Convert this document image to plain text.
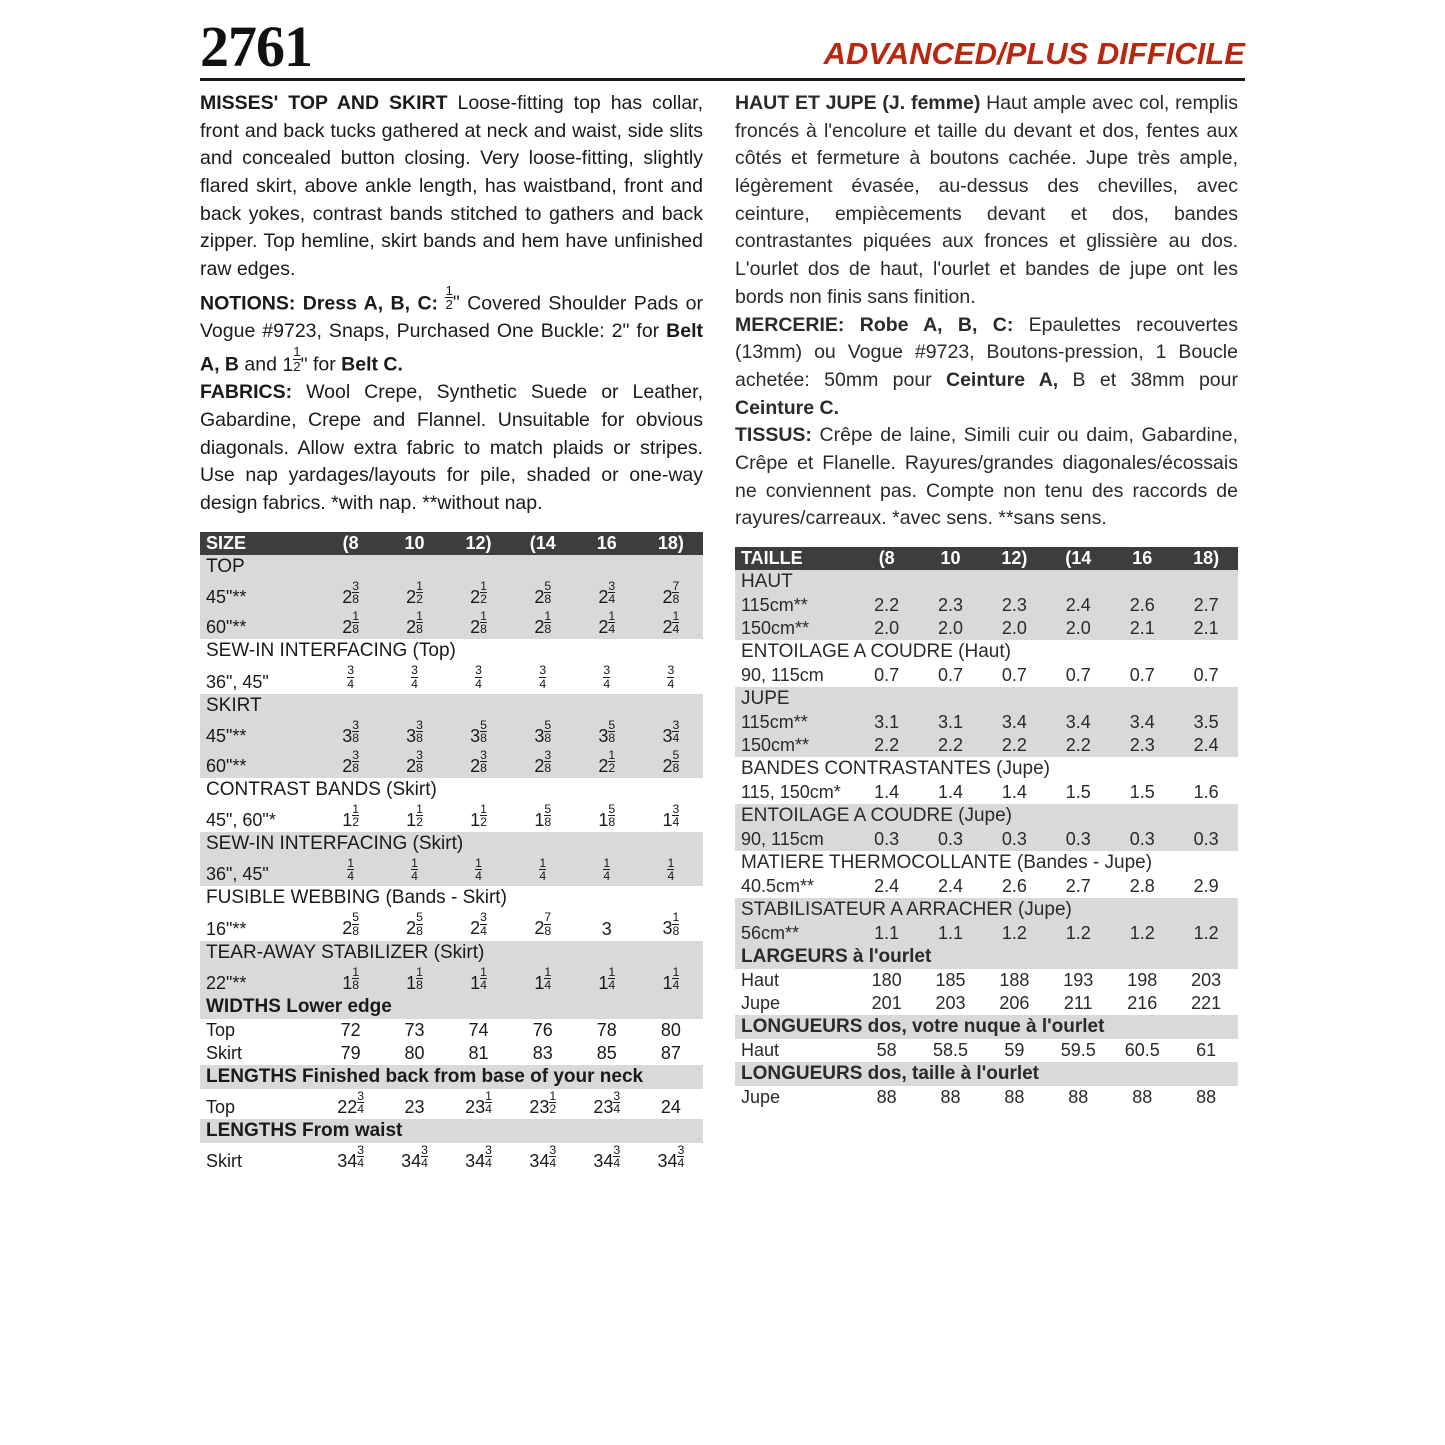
2761	ADVANCED/PLUS DIFFICILE

MISSES' TOP AND SKIRT Loose-fitting top has collar, front and back tucks gathered at neck and waist, side slits and concealed button closing. Very loose-fitting, slightly flared skirt, above ankle length, has waistband, front and back yokes, contrast bands stitched to gathers and back zipper. Top hemline, skirt bands and hem have unfinished raw edges.

NOTIONS: Dress A, B, C: $\frac{1}{2}$ " Covered Shoulder Pads or Vogue #9723, Snaps, Purchased One Buckle: 2" for Belt A, B and $1 \frac{1}{2}$ " for Belt C.

FABRICS: Wool Crepe, Synthetic Suede or Leather, Gabardine, Crepe and Flannel. Unsuitable for obvious diagonals. Allow extra fabric to match plaids or stripes. Use nap yardages/layouts for pile, shaded or one-way design fabrics. *with nap. **without nap.

SIZE	(8	10	12)	(14	16	18)
TOP						
45"**	$2 \frac{3}{8}$	$2 \frac{1}{2}$	$2 \frac{1}{2}$	$2 \frac{5}{8}$	$2 \frac{3}{4}$	$2 \frac{7}{8}$

60"**	$2 \frac{1}{8}$	$2 \frac{1}{8}$	$2 \frac{1}{8}$	$2 \frac{1}{8}$	$2 \frac{1}{4}$	$2 \frac{1}{4}$

SEW-IN INTERFACING (Top)						
36", 45"	$\frac{3}{4}$	$\frac{3}{4}$	$\frac{3}{4}$	$\frac{3}{4}$	$\frac{3}{4}$	$\frac{3}{4}$

SKIRT						
45"**	$3 \frac{3}{8}$	$3 \frac{3}{8}$	$3 \frac{5}{8}$	$3 \frac{5}{8}$	$3 \frac{5}{8}$	$3 \frac{3}{4}$

60"**	$2 \frac{3}{8}$	$2 \frac{3}{8}$	$2 \frac{3}{8}$	$2 \frac{3}{8}$	$2 \frac{1}{2}$	$2 \frac{5}{8}$

CONTRAST BANDS (Skirt)						
45", 60"*	$1 \frac{1}{2}$	$1 \frac{1}{2}$	$1 \frac{1}{2}$	$1 \frac{5}{8}$	$1 \frac{5}{8}$	$1 \frac{3}{4}$

SEW-IN INTERFACING (Skirt)						
36", 45"	$\frac{1}{4}$	$\frac{1}{4}$	$\frac{1}{4}$	$\frac{1}{4}$	$\frac{1}{4}$	$\frac{1}{4}$

FUSIBLE WEBBING (Bands - Skirt)						
16"**	$2 \frac{5}{8}$	$2 \frac{5}{8}$	$2 \frac{3}{4}$	$2 \frac{7}{8}$	3	$3 \frac{1}{8}$

TEAR-AWAY STABILIZER (Skirt)						
22"**	$1 \frac{1}{8}$	$1 \frac{1}{8}$	$1 \frac{1}{4}$	$1 \frac{1}{4}$	$1 \frac{1}{4}$	$1 \frac{1}{4}$

WIDTHS Lower edge						
Top	72	73	74	76	78	80
Skirt	79	80	81	83	85	87
LENGTHS Finished back from base of your neck						
Top	$22 \frac{3}{4}$	23	$23 \frac{1}{4}$	$23 \frac{1}{2}$	$23 \frac{3}{4}$	24
LENGTHS From waist						
Skirt	$34 \frac{3}{4}$	$34 \frac{3}{4}$	$34 \frac{3}{4}$	$34 \frac{3}{4}$	$34 \frac{3}{4}$	$34 \frac{3}{4}$

HAUT ET JUPE (J. femme) Haut ample avec col, remplis froncés à l'encolure et taille du devant et dos, fentes aux côtés et fermeture à boutons cachée. Jupe très ample, légèrement évasée, au-dessus des chevilles, avec ceinture, empiècements devant et dos, bandes contrastantes piquées aux fronces et glissière au dos. L'ourlet dos de haut, l'ourlet et bandes de jupe ont les bords non finis sans finition.

MERCERIE: Robe A, B, C: Epaulettes recouvertes (13mm) ou Vogue #9723, Boutons-pression, 1 Boucle achetée: 50mm pour Ceinture A, B et 38mm pour Ceinture C.

TISSUS: Crêpe de laine, Simili cuir ou daim, Gabardine, Crêpe et Flanelle. Rayures/grandes diagonales/écossais ne conviennent pas. Compte non tenu des raccords de rayures/carreaux. *avec sens. **sans sens.

TAILLE	(8	10	12)	(14	16	18)
HAUT						
115cm**	2.2	2.3	2.3	2.4	2.6	2.7
150cm**	2.0	2.0	2.0	2.0	2.1	2.1
ENTOILAGE A COUDRE (Haut)						
90, 115cm	0.7	0.7	0.7	0.7	0.7	0.7
JUPE						
115cm**	3.1	3.1	3.4	3.4	3.4	3.5
150cm**	2.2	2.2	2.2	2.2	2.3	2.4
BANDES CONTRASTANTES (Jupe)						
115, 150cm*	1.4	1.4	1.4	1.5	1.5	1.6
ENTOILAGE A COUDRE (Jupe)						
90, 115cm	0.3	0.3	0.3	0.3	0.3	0.3
MATIERE THERMOCOLLANTE (Bandes - Jupe)						
40.5cm**	2.4	2.4	2.6	2.7	2.8	2.9
STABILISATEUR A ARRACHER (Jupe)						
56cm**	1.1	1.1	1.2	1.2	1.2	1.2
LARGEURS à l'ourlet						
Haut	180	185	188	193	198	203
Jupe	201	203	206	211	216	221
LONGUEURS dos, votre nuque à l'ourlet						
Haut	58	58.5	59	59.5	60.5	61
LONGUEURS dos, taille à l'ourlet						
Jupe	88	88	88	88	88	88
